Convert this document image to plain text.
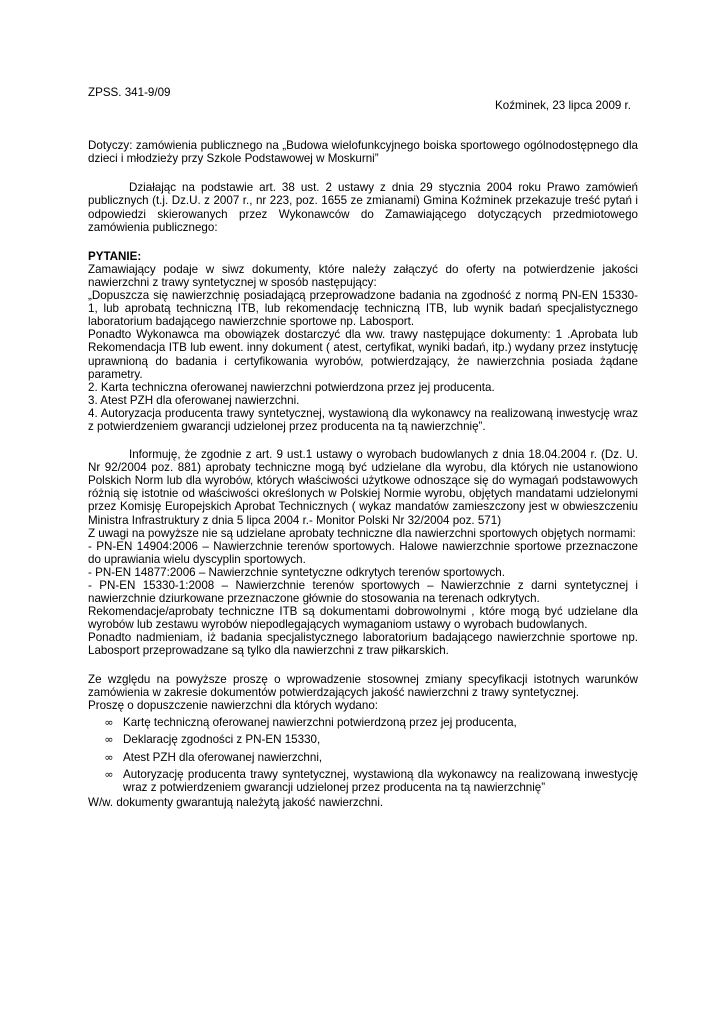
ZPSS. 341-9/09

Koźminek, 23 lipca 2009 r.

Dotyczy: zamówienia publicznego na „Budowa wielofunkcyjnego boiska sportowego ogólnodostępnego dla dzieci i młodzieży przy Szkole Podstawowej w Moskurni”

Działając na podstawie art. 38 ust. 2 ustawy z dnia 29 stycznia 2004 roku Prawo zamówień publicznych (t.j. Dz.U. z 2007 r., nr 223, poz. 1655 ze zmianami) Gmina Koźminek przekazuje treść pytań i odpowiedzi skierowanych przez Wykonawców do Zamawiającego dotyczących przedmiotowego zamówienia publicznego:

PYTANIE:

Zamawiający podaje w siwz dokumenty, które należy załączyć do oferty na potwierdzenie jakości nawierzchni z trawy syntetycznej w sposób następujący:

„Dopuszcza się nawierzchnię posiadającą przeprowadzone badania na zgodność z normą PN-EN 15330-1, lub aprobatą techniczną ITB, lub rekomendację techniczną ITB, lub wynik badań specjalistycznego laboratorium badającego nawierzchnie sportowe np. Labosport.

Ponadto Wykonawca ma obowiązek dostarczyć dla ww. trawy następujące dokumenty: 1 .Aprobata lub Rekomendacja ITB lub ewent. inny dokument ( atest, certyfikat, wyniki badań, itp.) wydany przez instytucję uprawnioną do badania i certyfikowania wyrobów, potwierdzający, że nawierzchnia posiada żądane parametry.

2. Karta techniczna oferowanej nawierzchni potwierdzona przez jej producenta.

3. Atest PZH dla oferowanej nawierzchni.

4. Autoryzacja producenta trawy syntetycznej, wystawioną dla wykonawcy na realizowaną inwestycję wraz z potwierdzeniem gwarancji udzielonej przez producenta na tą nawierzchnię”.

Informuję, że zgodnie z art. 9 ust.1 ustawy o wyrobach budowlanych z dnia 18.04.2004 r. (Dz. U. Nr 92/2004 poz. 881) aprobaty techniczne mogą być udzielane dla wyrobu, dla których nie ustanowiono Polskich Norm lub dla wyrobów, których właściwości użytkowe odnoszące się do wymagań podstawowych różnią się istotnie od właściwości określonych w Polskiej Normie wyrobu, objętych mandatami udzielonymi przez Komisję Europejskich Aprobat Technicznych ( wykaz mandatów zamieszczony jest w obwieszczeniu Ministra Infrastruktury z dnia 5 lipca 2004 r.- Monitor Polski Nr 32/2004 poz. 571)

Z uwagi na powyższe nie są udzielane aprobaty techniczne dla nawierzchni sportowych objętych normami:

- PN-EN 14904:2006 – Nawierzchnie terenów sportowych. Halowe nawierzchnie sportowe przeznaczone do uprawiania wielu dyscyplin sportowych.

- PN-EN 14877:2006 – Nawierzchnie syntetyczne odkrytych terenów sportowych.

- PN-EN 15330-1:2008 – Nawierzchnie terenów sportowych – Nawierzchnie z darni syntetycznej i nawierzchnie dziurkowane przeznaczone głównie do stosowania na terenach odkrytych.

Rekomendacje/aprobaty techniczne ITB są dokumentami dobrowolnymi , które mogą być udzielane dla wyrobów lub zestawu wyrobów niepodlegających wymaganiom ustawy o wyrobach budowlanych.

Ponadto nadmieniam, iż badania specjalistycznego laboratorium badającego nawierzchnie sportowe np. Labosport przeprowadzane są tylko dla nawierzchni z traw piłkarskich.

Ze względu na powyższe proszę o wprowadzenie stosownej zmiany specyfikacji istotnych warunków zamówienia w zakresie dokumentów potwierdzających jakość nawierzchni z trawy syntetycznej.

Proszę o dopuszczenie nawierzchni dla których wydano:

∞ Kartę techniczną oferowanej nawierzchni potwierdzoną przez jej producenta,
∞ Deklarację zgodności z PN-EN 15330,
∞ Atest PZH dla oferowanej nawierzchni,
∞ Autoryzację producenta trawy syntetycznej, wystawioną dla wykonawcy na realizowaną inwestycję wraz z potwierdzeniem gwarancji udzielonej przez producenta na tą nawierzchnię”

W/w. dokumenty gwarantują należytą jakość nawierzchni.
